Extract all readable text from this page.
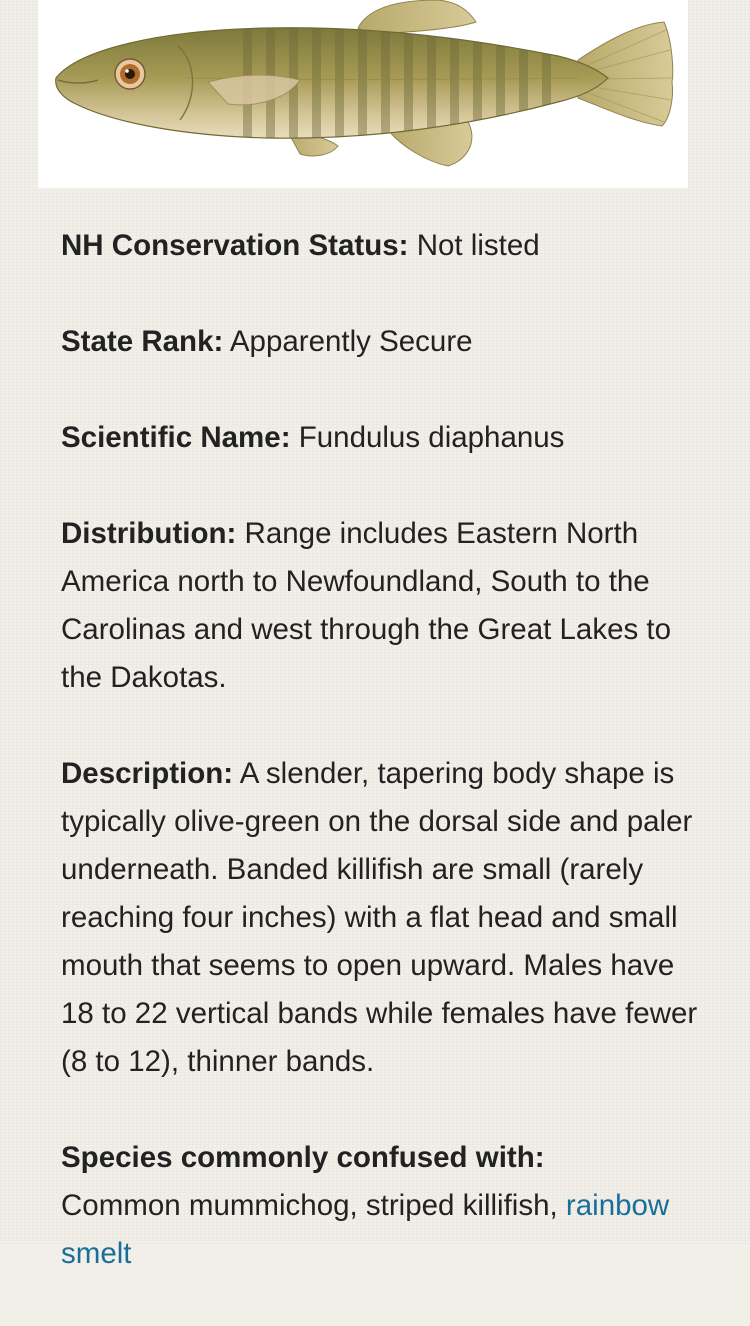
NH Conservation Status: Not listed

State Rank: Apparently Secure

Scientific Name: Fundulus diaphanus

Distribution: Range includes Eastern North America north to Newfoundland, South to the Carolinas and west through the Great Lakes to the Dakotas.

Description: A slender, tapering body shape is typically olive-green on the dorsal side and paler underneath. Banded killifish are small (rarely reaching four inches) with a flat head and small mouth that seems to open upward. Males have 18 to 22 vertical bands while females have fewer (8 to 12), thinner bands.

Species commonly confused with:
Common mummichog, striped killifish, rainbow smelt
